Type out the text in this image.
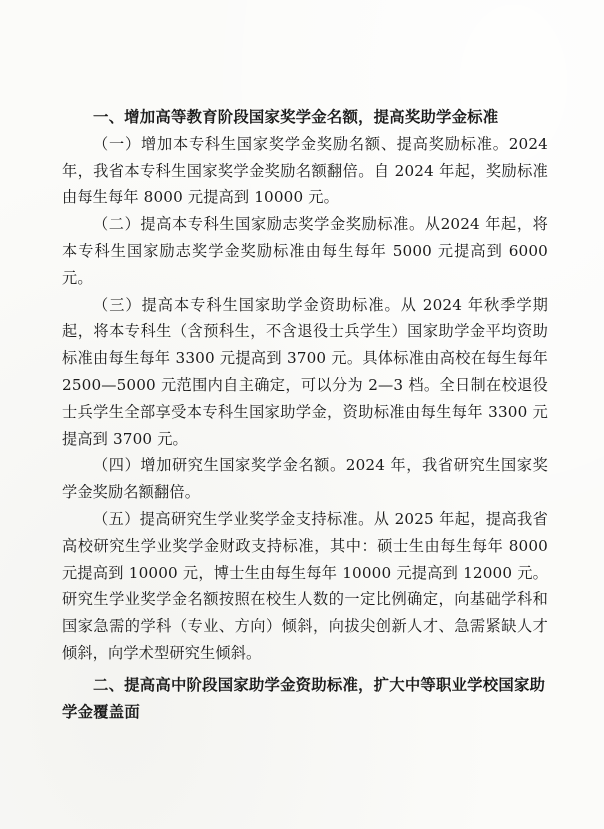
一、增加高等教育阶段国家奖学金名额，提高奖助学金标准

（一）增加本专科生国家奖学金奖励名额、提高奖励标准。2024 年，我省本专科生国家奖学金奖励名额翻倍。自 2024 年起，奖励标准由每生每年 8000 元提高到 10000 元。

（二）提高本专科生国家励志奖学金奖励标准。从2024 年起，将本专科生国家励志奖学金奖励标准由每生每年 5000 元提高到 6000 元。

（三）提高本专科生国家助学金资助标准。从 2024 年秋季学期起，将本专科生（含预科生，不含退役士兵学生）国家助学金平均资助标准由每生每年 3300 元提高到 3700 元。具体标准由高校在每生每年 2500—5000 元范围内自主确定，可以分为 2—3 档。全日制在校退役士兵学生全部享受本专科生国家助学金，资助标准由每生每年 3300 元提高到 3700 元。

（四）增加研究生国家奖学金名额。2024 年，我省研究生国家奖学金奖励名额翻倍。

（五）提高研究生学业奖学金支持标准。从 2025 年起，提高我省高校研究生学业奖学金财政支持标准，其中：硕士生由每生每年 8000 元提高到 10000 元，博士生由每生每年 10000 元提高到 12000 元。研究生学业奖学金名额按照在校生人数的一定比例确定，向基础学科和国家急需的学科（专业、方向）倾斜，向拔尖创新人才、急需紧缺人才倾斜，向学术型研究生倾斜。

二、提高高中阶段国家助学金资助标准，扩大中等职业学校国家助学金覆盖面
